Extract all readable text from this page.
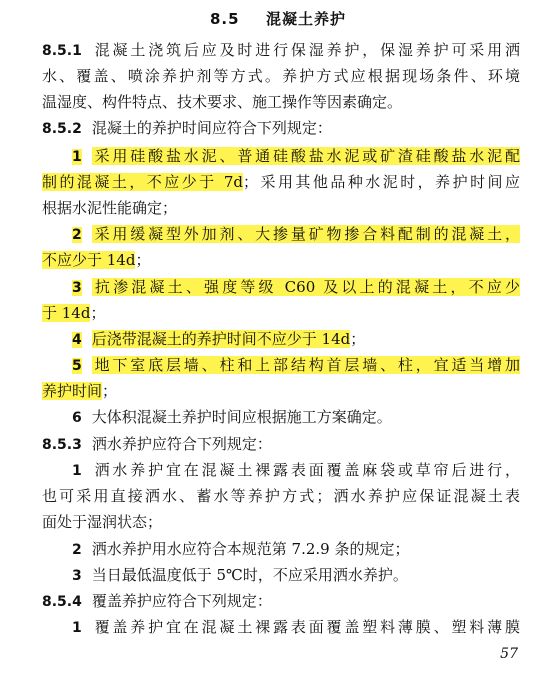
8.5 混凝土养护
8.5.1 混凝土浇筑后应及时进行保湿养护，保湿养护可采用洒
水、覆盖、喷涂养护剂等方式。养护方式应根据现场条件、环境
温湿度、构件特点、技术要求、施工操作等因素确定。
8.5.2 混凝土的养护时间应符合下列规定：
1 采用硅酸盐水泥、普通硅酸盐水泥或矿渣硅酸盐水泥配
制的混凝土，不应少于 7d；采用其他品种水泥时，养护时间应
根据水泥性能确定；
2 采用缓凝型外加剂、大掺量矿物掺合料配制的混凝土，
不应少于 14d；
3 抗渗混凝土、强度等级 C60 及以上的混凝土，不应少
于 14d；
4 后浇带混凝土的养护时间不应少于 14d；
5 地下室底层墙、柱和上部结构首层墙、柱，宜适当增加
养护时间；
6 大体积混凝土养护时间应根据施工方案确定。
8.5.3 洒水养护应符合下列规定：
1 洒水养护宜在混凝土裸露表面覆盖麻袋或草帘后进行，
也可采用直接洒水、蓄水等养护方式；洒水养护应保证混凝土表
面处于湿润状态；
2 洒水养护用水应符合本规范第 7.2.9 条的规定；
3 当日最低温度低于 5℃时，不应采用洒水养护。
8.5.4 覆盖养护应符合下列规定：
1 覆盖养护宜在混凝土裸露表面覆盖塑料薄膜、塑料薄膜
57
